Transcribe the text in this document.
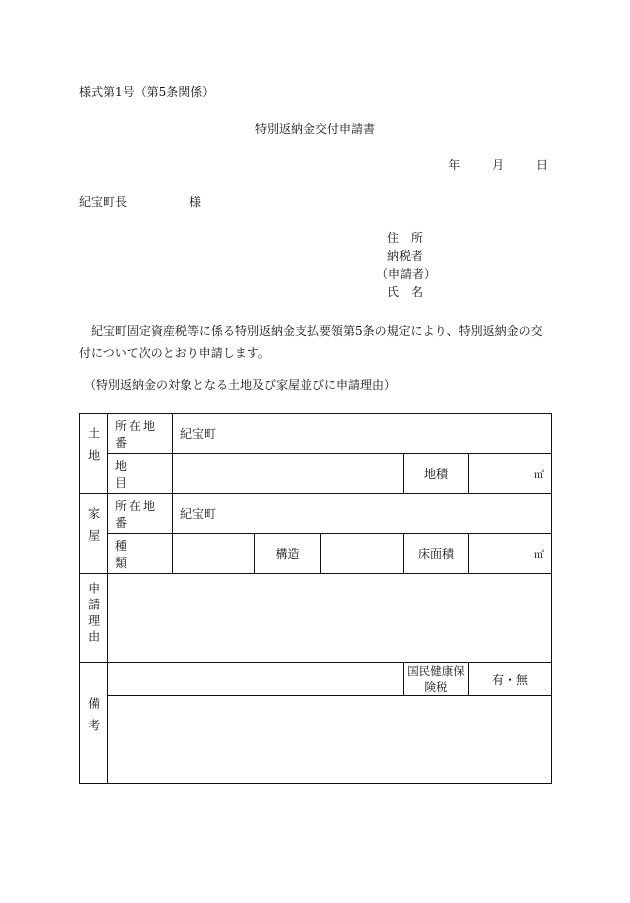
様式第1号（第5条関係）
特別返納金交付申請書
年	月	日
紀宝町長	様
住　所
納税者
（申請者）
氏　名
紀宝町固定資産税等に係る特別返納金支払要領第5条の規定により、特別返納金の交付について次のとおり申請します。
（特別返納金の対象となる土地及び家屋並びに申請理由）
土地	所在地番	紀宝町				

	地目				地積	㎡
家屋	所在地番	紀宝町				
	種類		構造		床面積	㎡
申請理由						
備考					国民健康保険税	有・無
